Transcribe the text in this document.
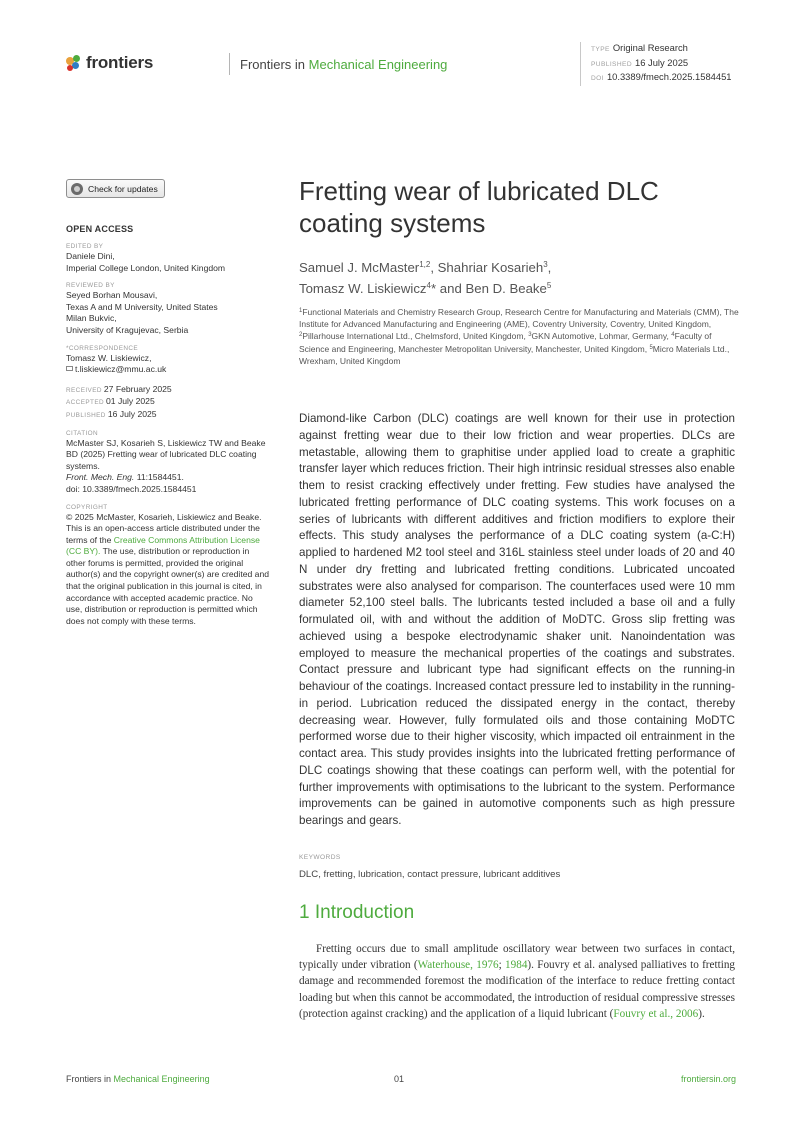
frontiers	Frontiers in Mechanical Engineering
TYPE Original Research
PUBLISHED 16 July 2025
DOI 10.3389/fmech.2025.1584451
Check for updates
OPEN ACCESS
EDITED BY
Daniele Dini,
Imperial College London, United Kingdom
REVIEWED BY
Seyed Borhan Mousavi,
Texas A and M University, United States
Milan Bukvic,
University of Kragujevac, Serbia
*CORRESPONDENCE
Tomasz W. Liskiewicz,
t.liskiewicz@mmu.ac.uk
RECEIVED 27 February 2025
ACCEPTED 01 July 2025
PUBLISHED 16 July 2025
CITATION
McMaster SJ, Kosarieh S, Liskiewicz TW and Beake BD (2025) Fretting wear of lubricated DLC coating systems.
Front. Mech. Eng. 11:1584451.
doi: 10.3389/fmech.2025.1584451
COPYRIGHT
© 2025 McMaster, Kosarieh, Liskiewicz and Beake. This is an open-access article distributed under the terms of the Creative Commons Attribution License (CC BY). The use, distribution or reproduction in other forums is permitted, provided the original author(s) and the copyright owner(s) are credited and that the original publication in this journal is cited, in accordance with accepted academic practice. No use, distribution or reproduction is permitted which does not comply with these terms.
Fretting wear of lubricated DLC coating systems
Samuel J. McMaster$^{1,2}$, Shahriar Kosarieh$^3$,
Tomasz W. Liskiewicz$^4$* and Ben D. Beake$^5$
$^1$Functional Materials and Chemistry Research Group, Research Centre for Manufacturing and Materials (CMM), The Institute for Advanced Manufacturing and Engineering (AME), Coventry University, Coventry, United Kingdom, $^2$Pillarhouse International Ltd., Chelmsford, United Kingdom, $^3$GKN Automotive, Lohmar, Germany, $^4$Faculty of Science and Engineering, Manchester Metropolitan University, Manchester, United Kingdom, $^5$Micro Materials Ltd., Wrexham, United Kingdom

Diamond-like Carbon (DLC) coatings are well known for their use in protection against fretting wear due to their low friction and wear properties. DLCs are metastable, allowing them to graphitise under applied load to create a graphitic transfer layer which reduces friction. Their high intrinsic residual stresses also enable them to resist cracking effectively under fretting. Few studies have analysed the lubricated fretting performance of DLC coating systems. This work focuses on a series of lubricants with different additives and friction modifiers to explore their effects. This study analyses the performance of a DLC coating system (a-C:H) applied to hardened M2 tool steel and 316L stainless steel under loads of 20 and 40 N under dry fretting and lubricated fretting conditions. Lubricated uncoated substrates were also analysed for comparison. The counterfaces used were 10 mm diameter 52,100 steel balls. The lubricants tested included a base oil and a fully formulated oil, with and without the addition of MoDTC. Gross slip fretting was achieved using a bespoke electrodynamic shaker unit. Nanoindentation was employed to measure the mechanical properties of the coatings and substrates. Contact pressure and lubricant type had significant effects on the running-in behaviour of the coatings. Increased contact pressure led to instability in the running-in period. Lubrication reduced the dissipated energy in the contact, thereby decreasing wear. However, fully formulated oils and those containing MoDTC performed worse due to their higher viscosity, which impacted oil entrainment in the contact area. This study provides insights into the lubricated fretting performance of DLC coatings showing that these coatings can perform well, with the potential for further improvements with optimisations to the lubricant to the system. Performance improvements can be gained in automotive components such as high pressure bearings and gears.

KEYWORDS
DLC, fretting, lubrication, contact pressure, lubricant additives
1 Introduction

Fretting occurs due to small amplitude oscillatory wear between two surfaces in contact, typically under vibration (Waterhouse, 1976; 1984). Fouvry et al. analysed palliatives to fretting damage and recommended foremost the modification of the interface to reduce fretting contact loading but when this cannot be accommodated, the introduction of residual compressive stresses (protection against cracking) and the application of a liquid lubricant (Fouvry et al., 2006).

Frontiers in Mechanical Engineering	01	frontiersin.org
